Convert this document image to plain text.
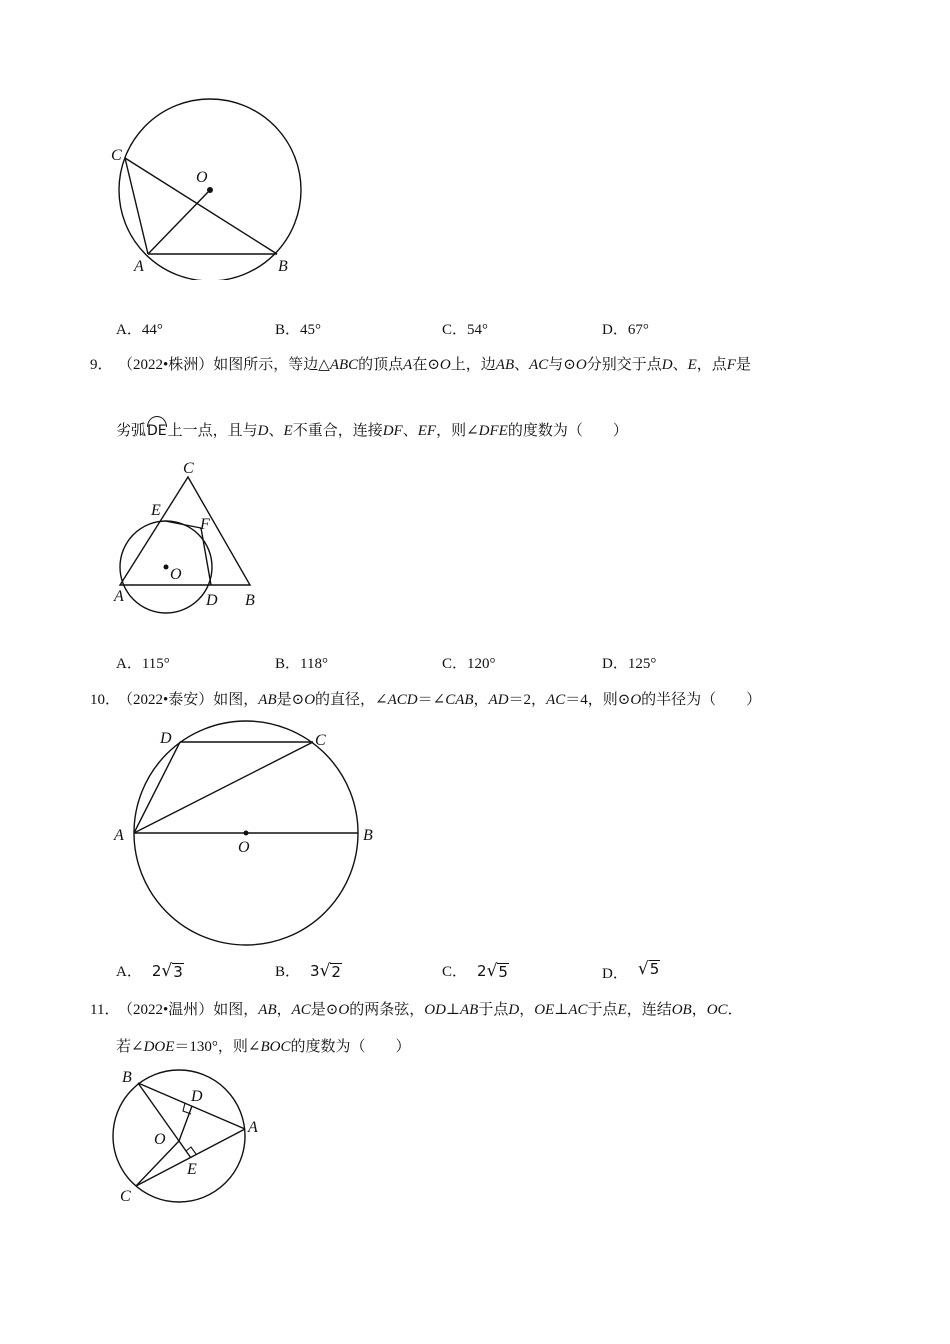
C
O
A	B
A．44°	B．45°	C．54°	D．67°
9． （2022•株洲）如图所示，等边△ABC的顶点A在⊙O上，边AB、AC与⊙O分别交于点D、E，点F是
劣弧DE上一点，且与D、E不重合，连接DF、EF，则∠DFE的度数为（　　）
C
E
F
O
A	D B
A．115°	B．118°	C．120°	D．125°
10．（2022•泰安）如图，AB是⊙O的直径，∠ACD＝∠CAB，AD＝2，AC＝4，则⊙O的半径为（　　）
D	C
A
O
B
A． 2 √ 3	B． 3 √ 2	C． 2 √ 5	D． √ 5
11．（2022•温州）如图，AB，AC是⊙O的两条弦，OD⊥AB于点D，OE⊥AC于点E，连结OB，OC．
若∠DOE＝130°，则∠BOC的度数为（　　）
B
D
A
O
E
C
